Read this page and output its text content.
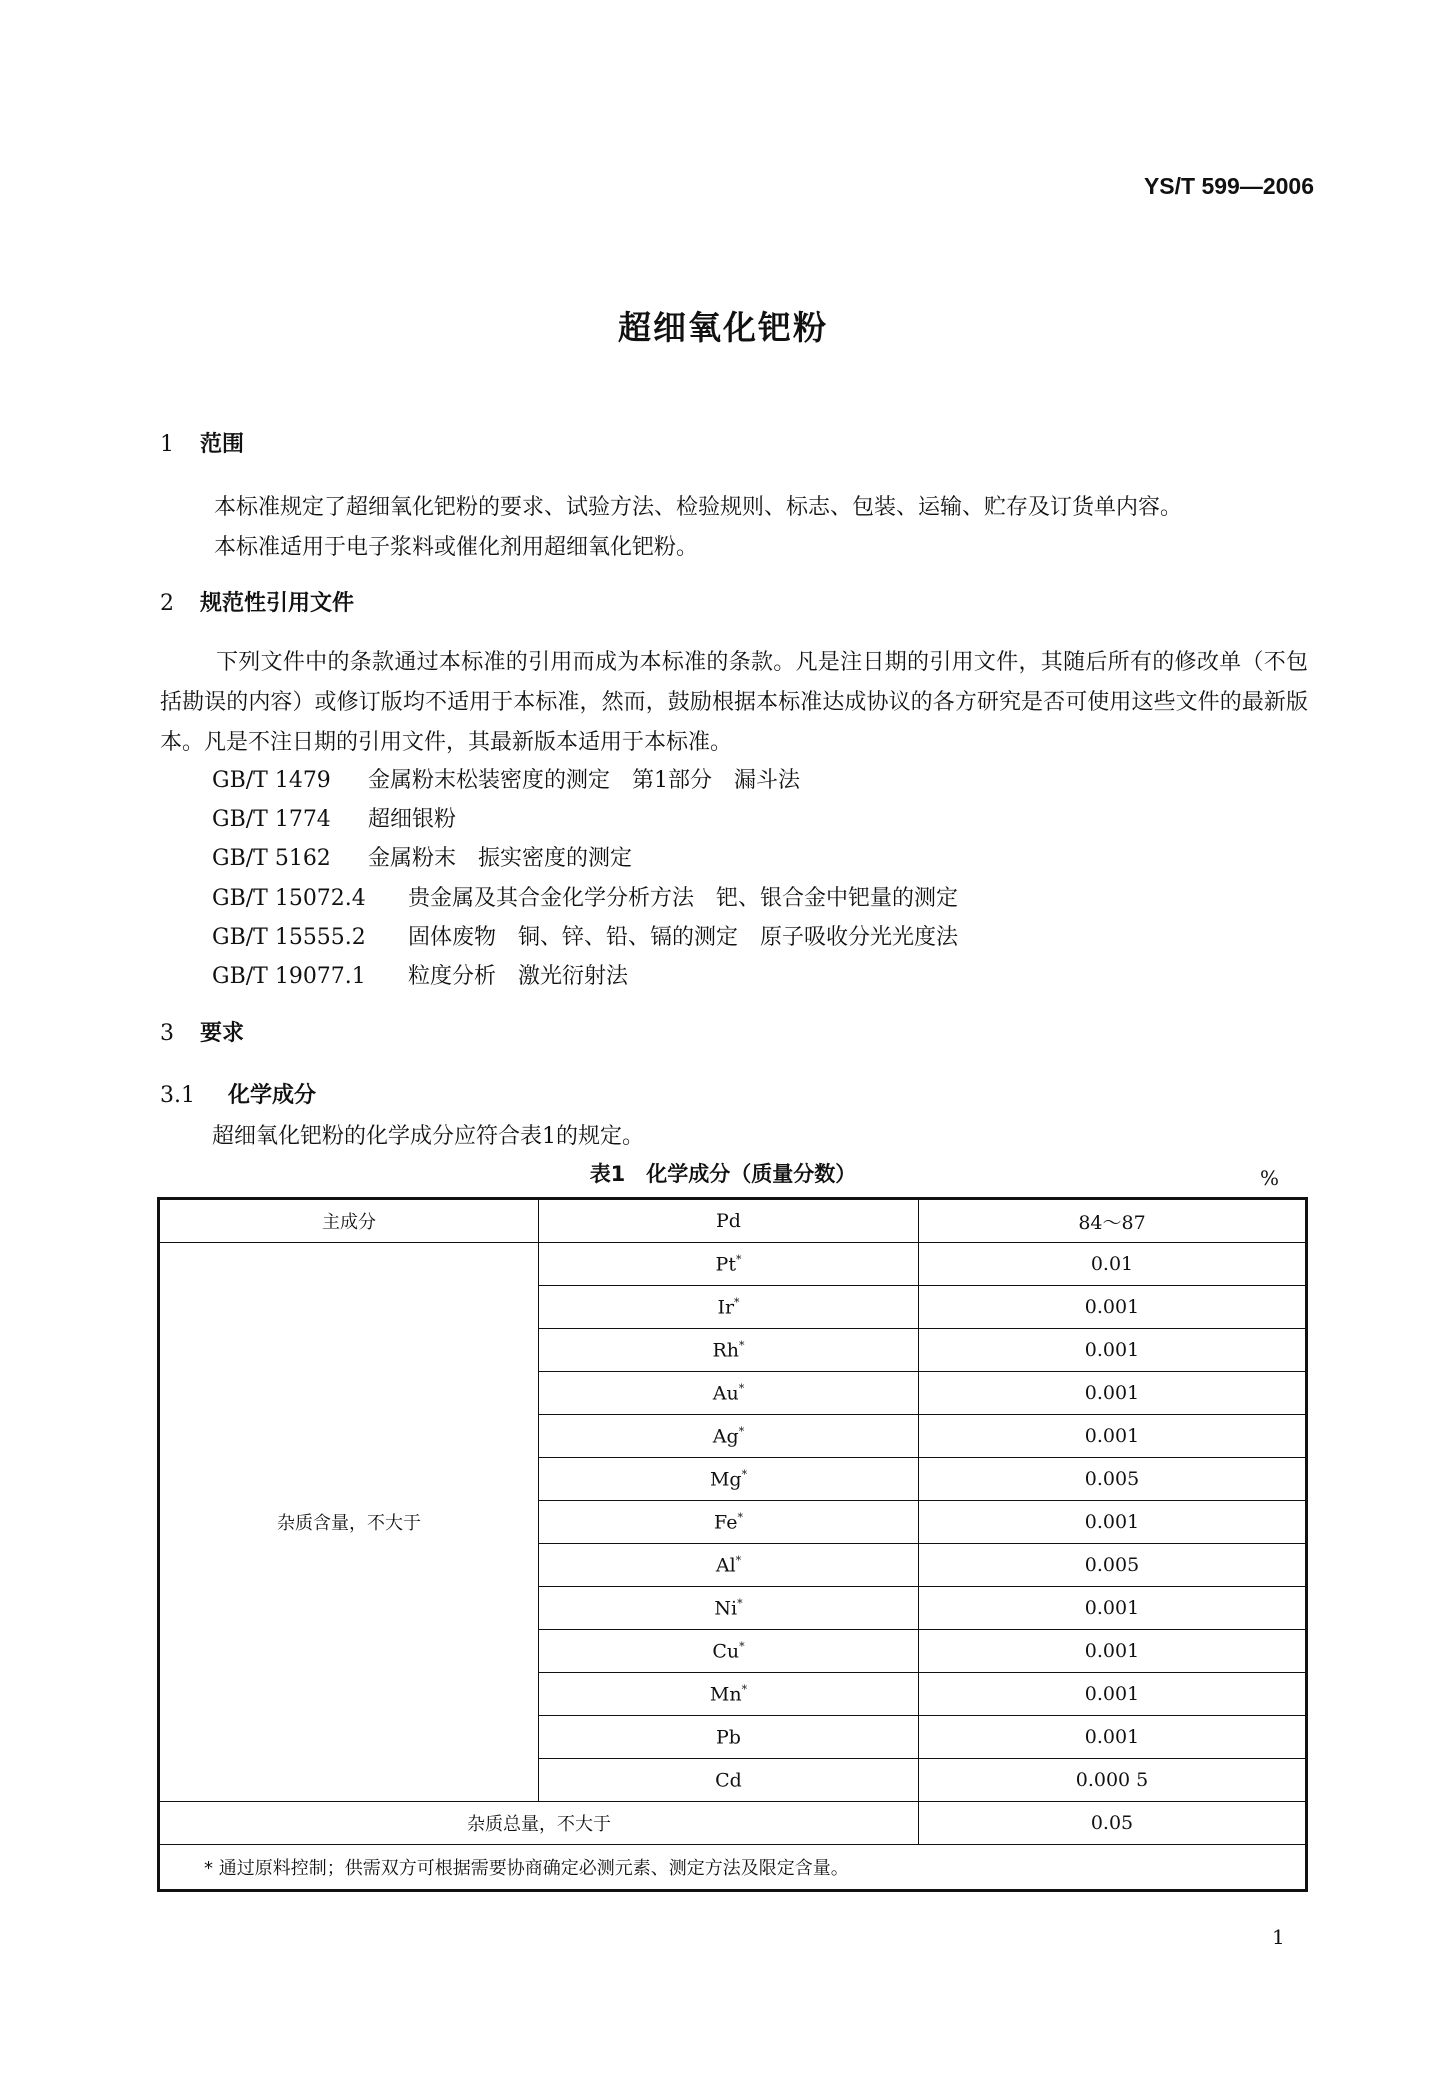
YS/T 599—2006
超细氧化钯粉
1 范围
本标准规定了超细氧化钯粉的要求、试验方法、检验规则、标志、包装、运输、贮存及订货单内容。
本标准适用于电子浆料或催化剂用超细氧化钯粉。
2 规范性引用文件
下列文件中的条款通过本标准的引用而成为本标准的条款。凡是注日期的引用文件，其随后所有的修改单（不包括勘误的内容）或修订版均不适用于本标准，然而，鼓励根据本标准达成协议的各方研究是否可使用这些文件的最新版本。凡是不注日期的引用文件，其最新版本适用于本标准。
GB/T 1479 金属粉末松装密度的测定　第1部分　漏斗法
GB/T 1774 超细银粉
GB/T 5162 金属粉末　振实密度的测定
GB/T 15072.4 贵金属及其合金化学分析方法　钯、银合金中钯量的测定
GB/T 15555.2 固体废物　铜、锌、铅、镉的测定　原子吸收分光光度法
GB/T 19077.1 粒度分析　激光衍射法
3 要求
3.1 化学成分
超细氧化钯粉的化学成分应符合表1的规定。
表1　化学成分（质量分数）	%
主成分	Pd	84～87
杂质含量，不大于	Pt*	0.01
	Ir*	0.001
	Rh*	0.001
	Au*	0.001
	Ag*	0.001
	Mg*	0.005
	Fe*	0.001
	Al*	0.005
	Ni*	0.001
	Cu*	0.001
	Mn*	0.001
	Pb	0.001
	Cd	0.000 5
杂质总量，不大于		0.05
* 通过原料控制；供需双方可根据需要协商确定必测元素、测定方法及限定含量。		
1
